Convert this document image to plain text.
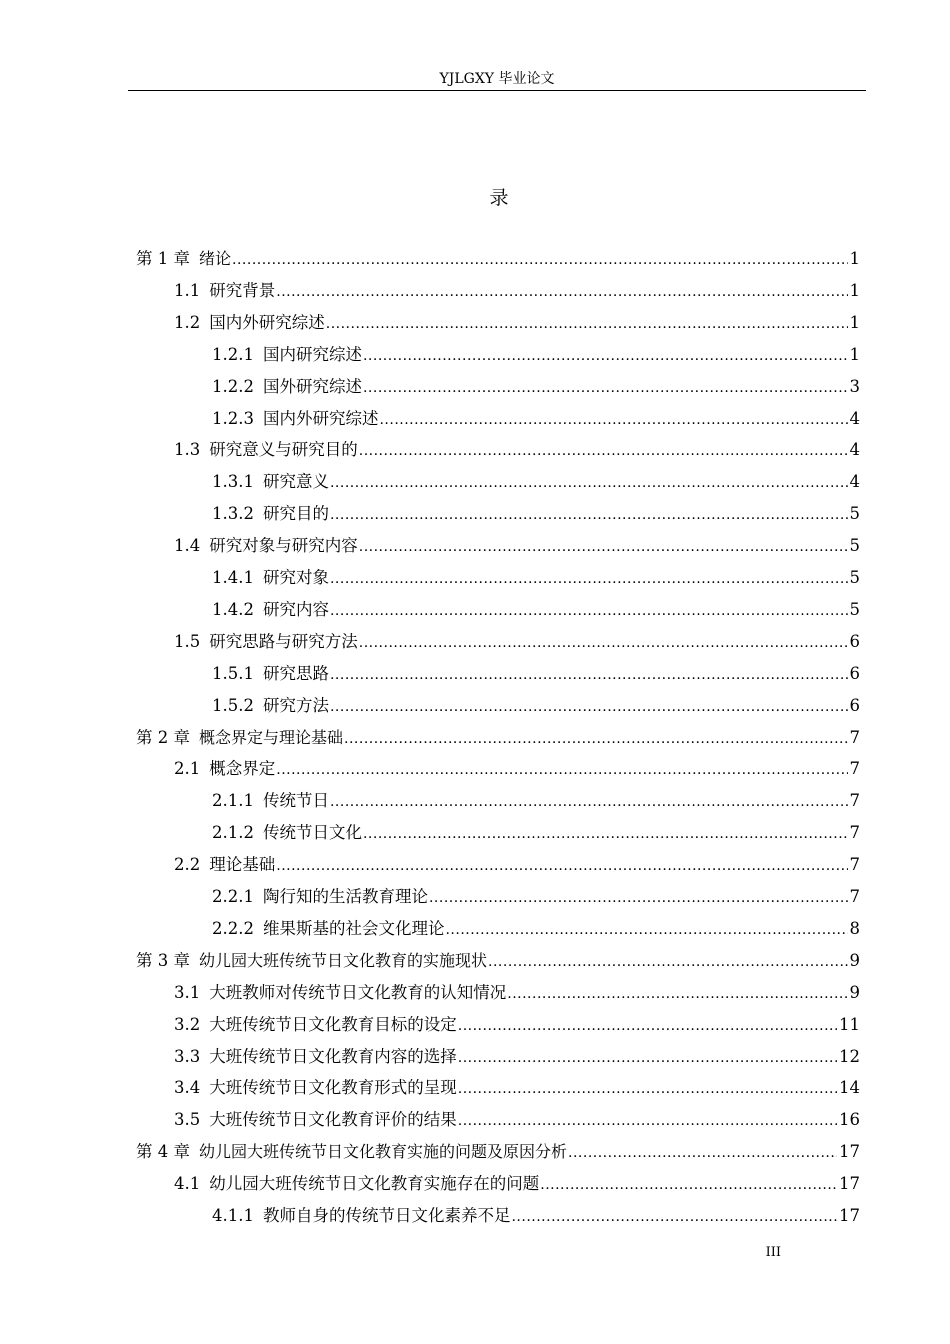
YJLGXY 毕业论文
录
第 1 章 绪论 .....	1
1.1 研究背景 .....	1
1.2 国内外研究综述 .....	1
1.2.1 国内研究综述 .....	1
1.2.2 国外研究综述 .....	3
1.2.3 国内外研究综述 .....	4
1.3 研究意义与研究目的 .....	4
1.3.1 研究意义 .....	4
1.3.2 研究目的 .....	5
1.4 研究对象与研究内容 .....	5
1.4.1 研究对象 .....	5
1.4.2 研究内容 .....	5
1.5 研究思路与研究方法 .....	6
1.5.1 研究思路 .....	6
1.5.2 研究方法 .....	6
第 2 章 概念界定与理论基础 .....	7
2.1 概念界定 .....	7
2.1.1 传统节日 .....	7
2.1.2 传统节日文化 .....	7
2.2 理论基础 .....	7
2.2.1 陶行知的生活教育理论 .....	7
2.2.2 维果斯基的社会文化理论 .....	8
第 3 章 幼儿园大班传统节日文化教育的实施现状 .....	9
3.1 大班教师对传统节日文化教育的认知情况 .....	9
3.2 大班传统节日文化教育目标的设定 .....	11
3.3 大班传统节日文化教育内容的选择 .....	12
3.4 大班传统节日文化教育形式的呈现 .....	14
3.5 大班传统节日文化教育评价的结果 .....	16
第 4 章 幼儿园大班传统节日文化教育实施的问题及原因分析 .....	17
4.1 幼儿园大班传统节日文化教育实施存在的问题 .....	17
4.1.1 教师自身的传统节日文化素养不足 .....	17
III
